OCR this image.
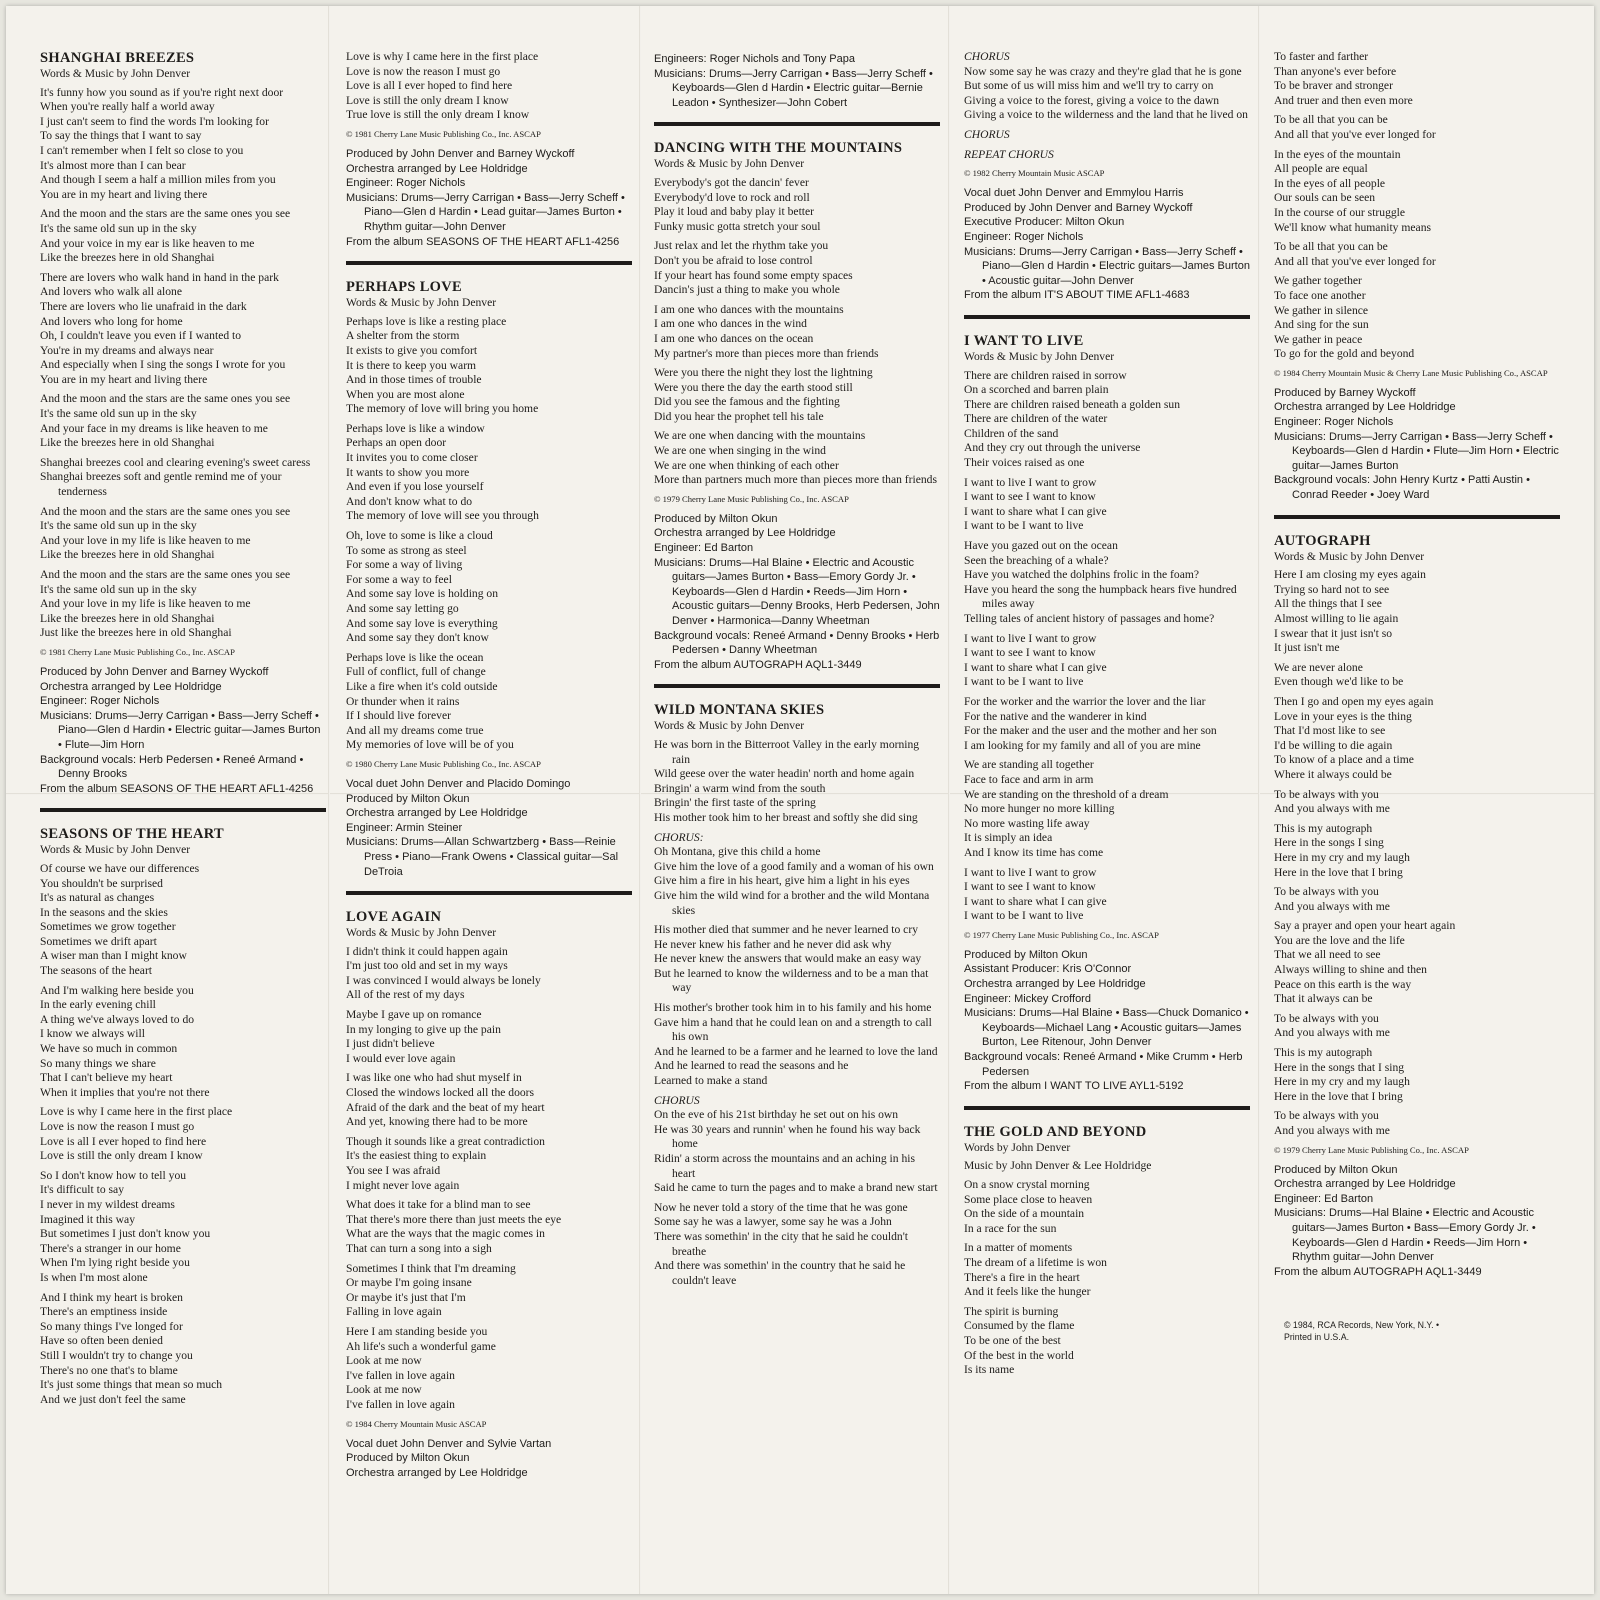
SHANGHAI BREEZES
Words & Music by John Denver
It's funny how you sound as if you're right next door
When you're really half a world away
I just can't seem to find the words I'm looking for
To say the things that I want to say
I can't remember when I felt so close to you
It's almost more than I can bear
And though I seem a half a million miles from you
You are in my heart and living there
And the moon and the stars are the same ones you see
It's the same old sun up in the sky
And your voice in my ear is like heaven to me
Like the breezes here in old Shanghai
There are lovers who walk hand in hand in the park
And lovers who walk all alone
There are lovers who lie unafraid in the dark
And lovers who long for home
Oh, I couldn't leave you even if I wanted to
You're in my dreams and always near
And especially when I sing the songs I wrote for you
You are in my heart and living there
And the moon and the stars are the same ones you see
It's the same old sun up in the sky
And your face in my dreams is like heaven to me
Like the breezes here in old Shanghai
Shanghai breezes cool and clearing evening's sweet caress
Shanghai breezes soft and gentle remind me of your tenderness
And the moon and the stars are the same ones you see
It's the same old sun up in the sky
And your love in my life is like heaven to me
Like the breezes here in old Shanghai
And the moon and the stars are the same ones you see
It's the same old sun up in the sky
And your love in my life is like heaven to me
Like the breezes here in old Shanghai
Just like the breezes here in old Shanghai
© 1981 Cherry Lane Music Publishing Co., Inc. ASCAP
Produced by John Denver and Barney Wyckoff
Orchestra arranged by Lee Holdridge
Engineer: Roger Nichols
Musicians: Drums—Jerry Carrigan • Bass—Jerry Scheff • Piano—Glen d Hardin • Electric guitar—James Burton • Flute—Jim Horn
Background vocals: Herb Pedersen • Reneé Armand • Denny Brooks
From the album SEASONS OF THE HEART AFL1-4256
SEASONS OF THE HEART
Words & Music by John Denver
Of course we have our differences
You shouldn't be surprised
It's as natural as changes
In the seasons and the skies
Sometimes we grow together
Sometimes we drift apart
A wiser man than I might know
The seasons of the heart
And I'm walking here beside you
In the early evening chill
A thing we've always loved to do
I know we always will
We have so much in common
So many things we share
That I can't believe my heart
When it implies that you're not there
Love is why I came here in the first place
Love is now the reason I must go
Love is all I ever hoped to find here
Love is still the only dream I know
So I don't know how to tell you
It's difficult to say
I never in my wildest dreams
Imagined it this way
But sometimes I just don't know you
There's a stranger in our home
When I'm lying right beside you
Is when I'm most alone
And I think my heart is broken
There's an emptiness inside
So many things I've longed for
Have so often been denied
Still I wouldn't try to change you
There's no one that's to blame
It's just some things that mean so much
And we just don't feel the same
Love is why I came here in the first place
Love is now the reason I must go
Love is all I ever hoped to find here
Love is still the only dream I know
True love is still the only dream I know
© 1981 Cherry Lane Music Publishing Co., Inc. ASCAP
Produced by John Denver and Barney Wyckoff
Orchestra arranged by Lee Holdridge
Engineer: Roger Nichols
Musicians: Drums—Jerry Carrigan • Bass—Jerry Scheff • Piano—Glen d Hardin • Lead guitar—James Burton • Rhythm guitar—John Denver
From the album SEASONS OF THE HEART AFL1-4256
PERHAPS LOVE
Words & Music by John Denver
Perhaps love is like a resting place
A shelter from the storm
It exists to give you comfort
It is there to keep you warm
And in those times of trouble
When you are most alone
The memory of love will bring you home
Perhaps love is like a window
Perhaps an open door
It invites you to come closer
It wants to show you more
And even if you lose yourself
And don't know what to do
The memory of love will see you through
Oh, love to some is like a cloud
To some as strong as steel
For some a way of living
For some a way to feel
And some say love is holding on
And some say letting go
And some say love is everything
And some say they don't know
Perhaps love is like the ocean
Full of conflict, full of change
Like a fire when it's cold outside
Or thunder when it rains
If I should live forever
And all my dreams come true
My memories of love will be of you
© 1980 Cherry Lane Music Publishing Co., Inc. ASCAP
Vocal duet John Denver and Placido Domingo
Produced by Milton Okun
Orchestra arranged by Lee Holdridge
Engineer: Armin Steiner
Musicians: Drums—Allan Schwartzberg • Bass—Reinie Press • Piano—Frank Owens • Classical guitar—Sal DeTroia
LOVE AGAIN
Words & Music by John Denver
I didn't think it could happen again
I'm just too old and set in my ways
I was convinced I would always be lonely
All of the rest of my days
Maybe I gave up on romance
In my longing to give up the pain
I just didn't believe
I would ever love again
I was like one who had shut myself in
Closed the windows locked all the doors
Afraid of the dark and the beat of my heart
And yet, knowing there had to be more
Though it sounds like a great contradiction
It's the easiest thing to explain
You see I was afraid
I might never love again
What does it take for a blind man to see
That there's more there than just meets the eye
What are the ways that the magic comes in
That can turn a song into a sigh
Sometimes I think that I'm dreaming
Or maybe I'm going insane
Or maybe it's just that I'm
Falling in love again
Here I am standing beside you
Ah life's such a wonderful game
Look at me now
I've fallen in love again
Look at me now
I've fallen in love again
© 1984 Cherry Mountain Music ASCAP
Vocal duet John Denver and Sylvie Vartan
Produced by Milton Okun
Orchestra arranged by Lee Holdridge
Engineers: Roger Nichols and Tony Papa
Musicians: Drums—Jerry Carrigan • Bass—Jerry Scheff • Keyboards—Glen d Hardin • Electric guitar—Bernie Leadon • Synthesizer—John Cobert
DANCING WITH THE MOUNTAINS
Words & Music by John Denver
Everybody's got the dancin' fever
Everybody'd love to rock and roll
Play it loud and baby play it better
Funky music gotta stretch your soul
Just relax and let the rhythm take you
Don't you be afraid to lose control
If your heart has found some empty spaces
Dancin's just a thing to make you whole
I am one who dances with the mountains
I am one who dances in the wind
I am one who dances on the ocean
My partner's more than pieces more than friends
Were you there the night they lost the lightning
Were you there the day the earth stood still
Did you see the famous and the fighting
Did you hear the prophet tell his tale
We are one when dancing with the mountains
We are one when singing in the wind
We are one when thinking of each other
More than partners much more than pieces more than friends
© 1979 Cherry Lane Music Publishing Co., Inc. ASCAP
Produced by Milton Okun
Orchestra arranged by Lee Holdridge
Engineer: Ed Barton
Musicians: Drums—Hal Blaine • Electric and Acoustic guitars—James Burton • Bass—Emory Gordy Jr. • Keyboards—Glen d Hardin • Reeds—Jim Horn • Acoustic guitars—Denny Brooks, Herb Pedersen, John Denver • Harmonica—Danny Wheetman
Background vocals: Reneé Armand • Denny Brooks • Herb Pedersen • Danny Wheetman
From the album AUTOGRAPH AQL1-3449
WILD MONTANA SKIES
Words & Music by John Denver
He was born in the Bitterroot Valley in the early morning rain
Wild geese over the water headin' north and home again
Bringin' a warm wind from the south
Bringin' the first taste of the spring
His mother took him to her breast and softly she did sing
CHORUS:
Oh Montana, give this child a home
Give him the love of a good family and a woman of his own
Give him a fire in his heart, give him a light in his eyes
Give him the wild wind for a brother and the wild Montana skies
His mother died that summer and he never learned to cry
He never knew his father and he never did ask why
He never knew the answers that would make an easy way
But he learned to know the wilderness and to be a man that way
His mother's brother took him in to his family and his home
Gave him a hand that he could lean on and a strength to call his own
And he learned to be a farmer and he learned to love the land
And he learned to read the seasons and he
Learned to make a stand
CHORUS
On the eve of his 21st birthday he set out on his own
He was 30 years and runnin' when he found his way back home
Ridin' a storm across the mountains and an aching in his heart
Said he came to turn the pages and to make a brand new start
Now he never told a story of the time that he was gone
Some say he was a lawyer, some say he was a John
There was somethin' in the city that he said he couldn't breathe
And there was somethin' in the country that he said he couldn't leave
CHORUS
Now some say he was crazy and they're glad that he is gone
But some of us will miss him and we'll try to carry on
Giving a voice to the forest, giving a voice to the dawn
Giving a voice to the wilderness and the land that he lived on
CHORUS
REPEAT CHORUS
© 1982 Cherry Mountain Music ASCAP
Vocal duet John Denver and Emmylou Harris
Produced by John Denver and Barney Wyckoff
Executive Producer: Milton Okun
Engineer: Roger Nichols
Musicians: Drums—Jerry Carrigan • Bass—Jerry Scheff • Piano—Glen d Hardin • Electric guitars—James Burton • Acoustic guitar—John Denver
From the album IT'S ABOUT TIME AFL1-4683
I WANT TO LIVE
Words & Music by John Denver
There are children raised in sorrow
On a scorched and barren plain
There are children raised beneath a golden sun
There are children of the water
Children of the sand
And they cry out through the universe
Their voices raised as one
I want to live I want to grow
I want to see I want to know
I want to share what I can give
I want to be I want to live
Have you gazed out on the ocean
Seen the breaching of a whale?
Have you watched the dolphins frolic in the foam?
Have you heard the song the humpback hears five hundred miles away
Telling tales of ancient history of passages and home?
I want to live I want to grow
I want to see I want to know
I want to share what I can give
I want to be I want to live
For the worker and the warrior the lover and the liar
For the native and the wanderer in kind
For the maker and the user and the mother and her son
I am looking for my family and all of you are mine
We are standing all together
Face to face and arm in arm
We are standing on the threshold of a dream
No more hunger no more killing
No more wasting life away
It is simply an idea
And I know its time has come
I want to live I want to grow
I want to see I want to know
I want to share what I can give
I want to be I want to live
© 1977 Cherry Lane Music Publishing Co., Inc. ASCAP
Produced by Milton Okun
Assistant Producer: Kris O'Connor
Orchestra arranged by Lee Holdridge
Engineer: Mickey Crofford
Musicians: Drums—Hal Blaine • Bass—Chuck Domanico • Keyboards—Michael Lang • Acoustic guitars—James Burton, Lee Ritenour, John Denver
Background vocals: Reneé Armand • Mike Crumm • Herb Pedersen
From the album I WANT TO LIVE AYL1-5192
THE GOLD AND BEYOND
Words by John Denver
Music by John Denver & Lee Holdridge
On a snow crystal morning
Some place close to heaven
On the side of a mountain
In a race for the sun
In a matter of moments
The dream of a lifetime is won
There's a fire in the heart
And it feels like the hunger
The spirit is burning
Consumed by the flame
To be one of the best
Of the best in the world
Is its name
To faster and farther
Than anyone's ever before
To be braver and stronger
And truer and then even more
To be all that you can be
And all that you've ever longed for
In the eyes of the mountain
All people are equal
In the eyes of all people
Our souls can be seen
In the course of our struggle
We'll know what humanity means
To be all that you can be
And all that you've ever longed for
We gather together
To face one another
We gather in silence
And sing for the sun
We gather in peace
To go for the gold and beyond
© 1984 Cherry Mountain Music & Cherry Lane Music Publishing Co., ASCAP
Produced by Barney Wyckoff
Orchestra arranged by Lee Holdridge
Engineer: Roger Nichols
Musicians: Drums—Jerry Carrigan • Bass—Jerry Scheff • Keyboards—Glen d Hardin • Flute—Jim Horn • Electric guitar—James Burton
Background vocals: John Henry Kurtz • Patti Austin • Conrad Reeder • Joey Ward
AUTOGRAPH
Words & Music by John Denver
Here I am closing my eyes again
Trying so hard not to see
All the things that I see
Almost willing to lie again
I swear that it just isn't so
It just isn't me
We are never alone
Even though we'd like to be
Then I go and open my eyes again
Love in your eyes is the thing
That I'd most like to see
I'd be willing to die again
To know of a place and a time
Where it always could be
To be always with you
And you always with me
This is my autograph
Here in the songs I sing
Here in my cry and my laugh
Here in the love that I bring
To be always with you
And you always with me
Say a prayer and open your heart again
You are the love and the life
That we all need to see
Always willing to shine and then
Peace on this earth is the way
That it always can be
To be always with you
And you always with me
This is my autograph
Here in the songs that I sing
Here in my cry and my laugh
Here in the love that I bring
To be always with you
And you always with me
© 1979 Cherry Lane Music Publishing Co., Inc. ASCAP
Produced by Milton Okun
Orchestra arranged by Lee Holdridge
Engineer: Ed Barton
Musicians: Drums—Hal Blaine • Electric and Acoustic guitars—James Burton • Bass—Emory Gordy Jr. • Keyboards—Glen d Hardin • Reeds—Jim Horn • Rhythm guitar—John Denver
From the album AUTOGRAPH AQL1-3449
© 1984, RCA Records, New York, N.Y. •
Printed in U.S.A.
